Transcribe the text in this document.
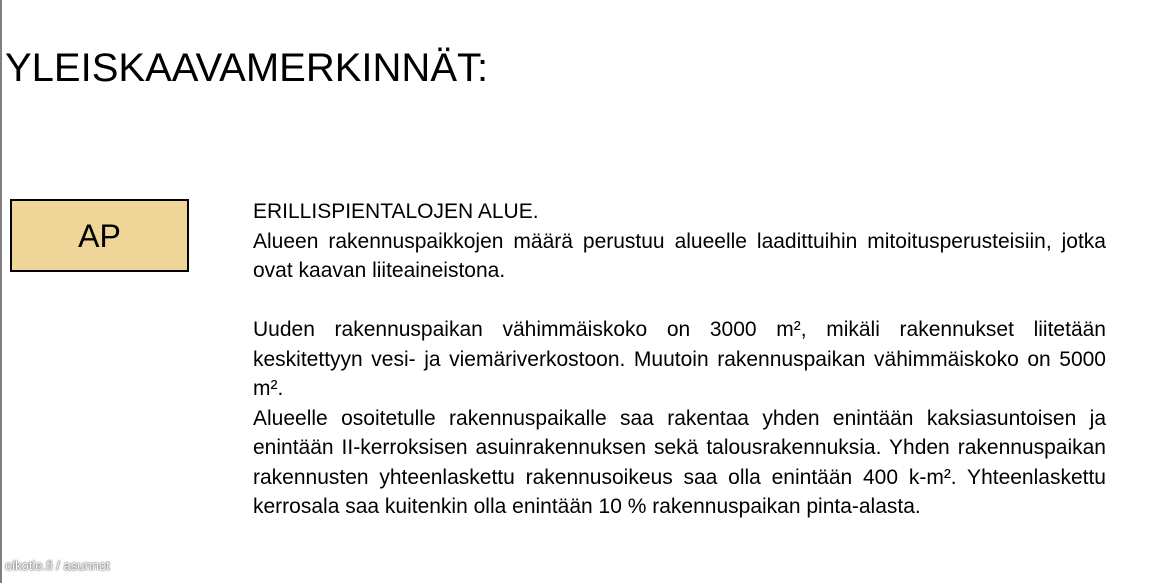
YLEISKAAVAMERKINNÄT:
AP
ERILLISPIENTALOJEN ALUE.

Alueen rakennuspaikkojen määrä perustuu alueelle laadittuihin mitoitusperusteisiin, jotka ovat kaavan liiteaineistona.

Uuden rakennuspaikan vähimmäiskoko on 3000 m², mikäli rakennukset liitetään keskitettyyn vesi- ja viemäriverkostoon. Muutoin rakennuspaikan vähimmäiskoko on 5000 m².

Alueelle osoitetulle rakennuspaikalle saa rakentaa yhden enintään kaksiasuntoisen ja enintään II-kerroksisen asuinrakennuksen sekä talousrakennuksia. Yhden rakennuspaikan rakennusten yhteenlaskettu rakennusoikeus saa olla enintään 400 k-m². Yhteenlaskettu kerrosala saa kuitenkin olla enintään 10 % rakennuspaikan pinta-alasta.

oikotie.fi / asunnot
